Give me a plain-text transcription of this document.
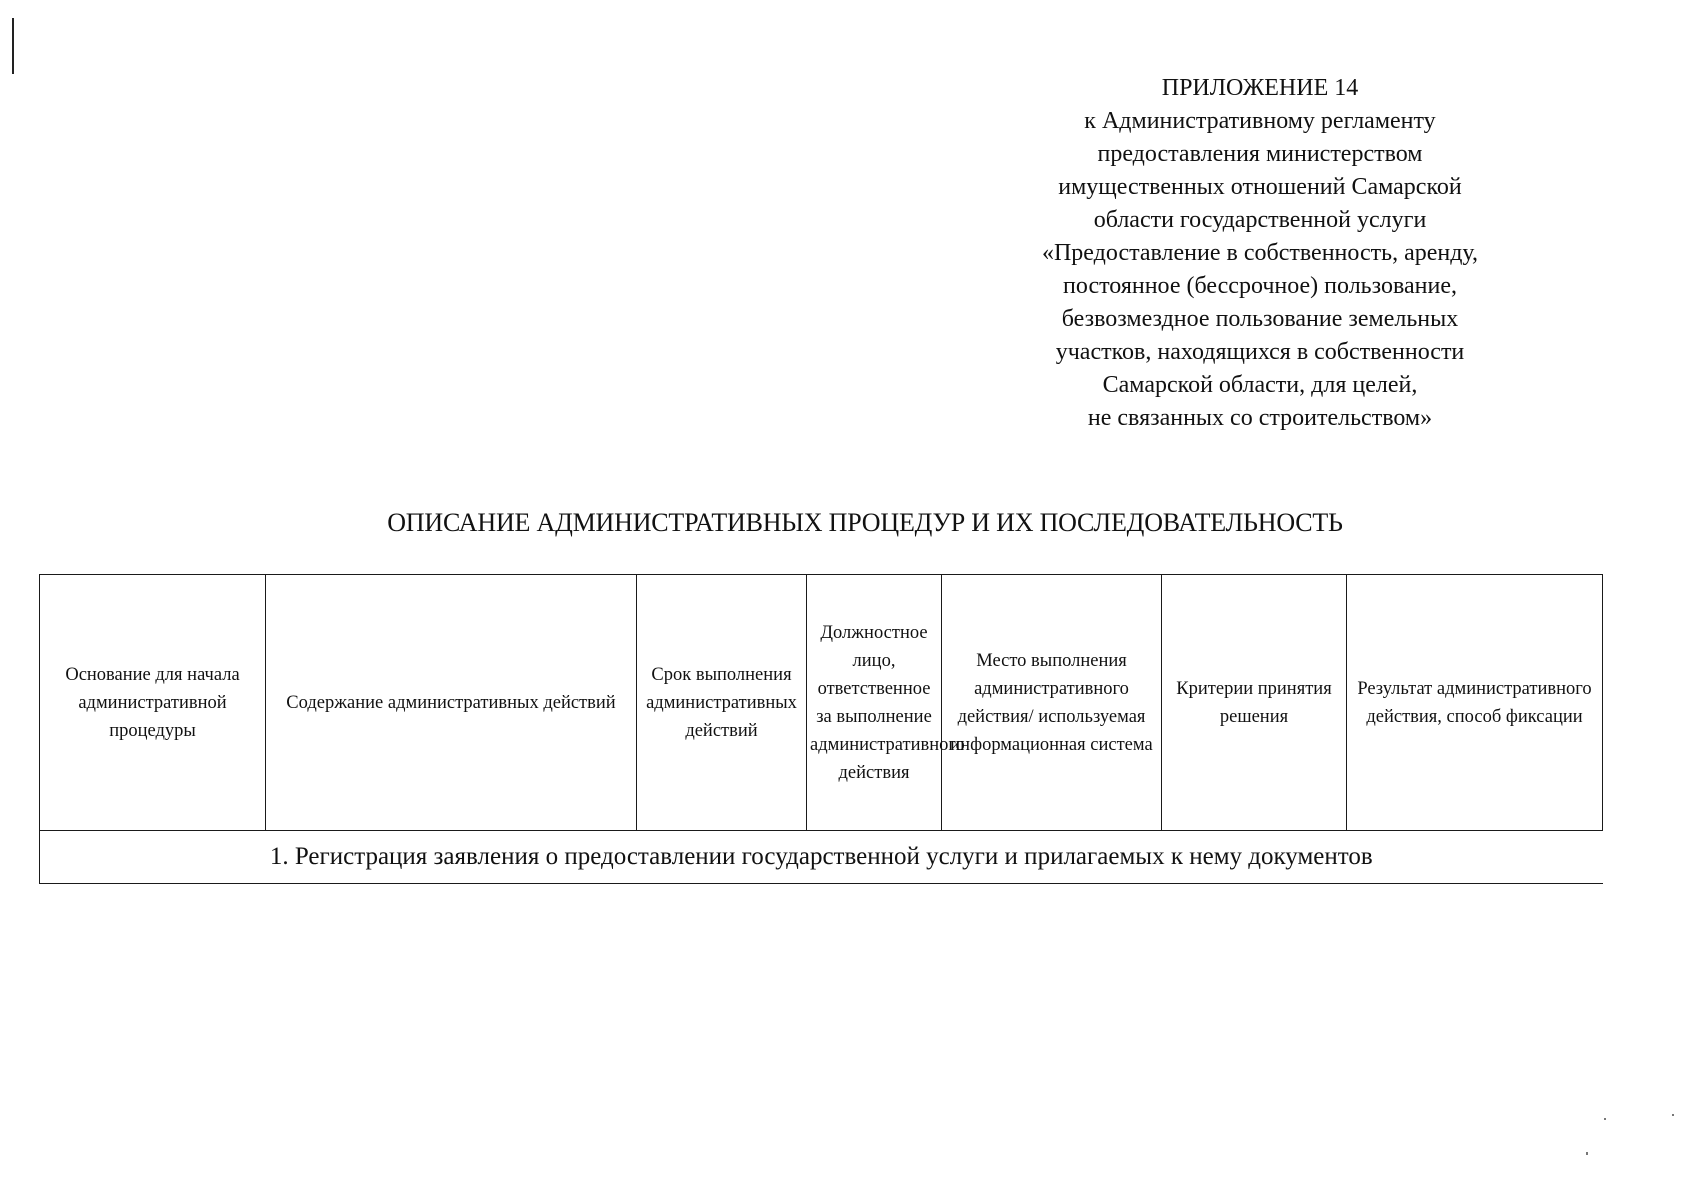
ПРИЛОЖЕНИЕ 14
к Административному регламенту
предоставления министерством
имущественных отношений Самарской
области государственной услуги
«Предоставление в собственность, аренду,
постоянное (бессрочное) пользование,
безвозмездное пользование земельных
участков, находящихся в собственности
Самарской области, для целей,
не связанных со строительством»
ОПИСАНИЕ АДМИНИСТРАТИВНЫХ ПРОЦЕДУР И ИХ ПОСЛЕДОВАТЕЛЬНОСТЬ
Основание для начала административной процедуры	Содержание административных действий	Срок выполнения административных действий	Должностное лицо, ответственное за выполнение административного действия	Место выполнения административного действия/ используемая информационная система	Критерии принятия решения	Результат административного действия, способ фиксации
1. Регистрация заявления о предоставлении государственной услуги и прилагаемых к нему документов
